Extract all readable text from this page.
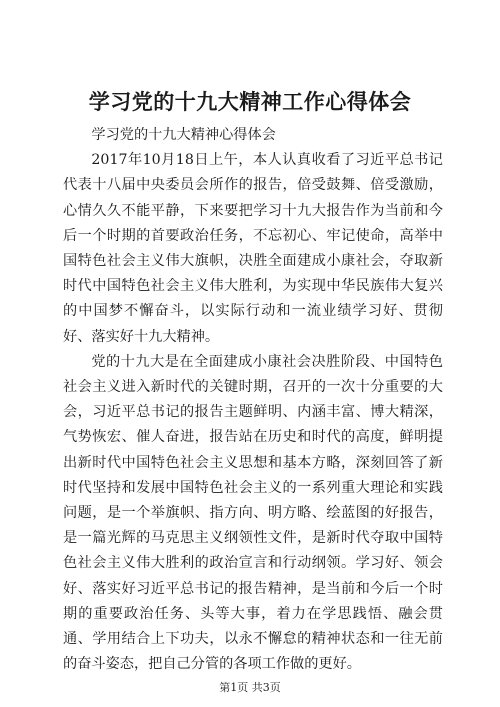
学习党的十九大精神工作心得体会

学习党的十九大精神心得体会

2017年10月18日上午，本人认真收看了习近平总书记代表十八届中央委员会所作的报告，倍受鼓舞、倍受激励，心情久久不能平静，下来要把学习十九大报告作为当前和今后一个时期的首要政治任务，不忘初心、牢记使命，高举中国特色社会主义伟大旗帜，决胜全面建成小康社会，夺取新时代中国特色社会主义伟大胜利，为实现中华民族伟大复兴的中国梦不懈奋斗，以实际行动和一流业绩学习好、贯彻好、落实好十九大精神。

党的十九大是在全面建成小康社会决胜阶段、中国特色社会主义进入新时代的关键时期，召开的一次十分重要的大会，习近平总书记的报告主题鲜明、内涵丰富、博大精深，气势恢宏、催人奋进，报告站在历史和时代的高度，鲜明提出新时代中国特色社会主义思想和基本方略，深刻回答了新时代坚持和发展中国特色社会主义的一系列重大理论和实践问题，是一个举旗帜、指方向、明方略、绘蓝图的好报告，是一篇光辉的马克思主义纲领性文件，是新时代夺取中国特色社会主义伟大胜利的政治宣言和行动纲领。学习好、领会好、落实好习近平总书记的报告精神，是当前和今后一个时期的重要政治任务、头等大事，着力在学思践悟、融会贯通、学用结合上下功夫，以永不懈怠的精神状态和一往无前的奋斗姿态，把自己分管的各项工作做的更好。

第1页 共3页
